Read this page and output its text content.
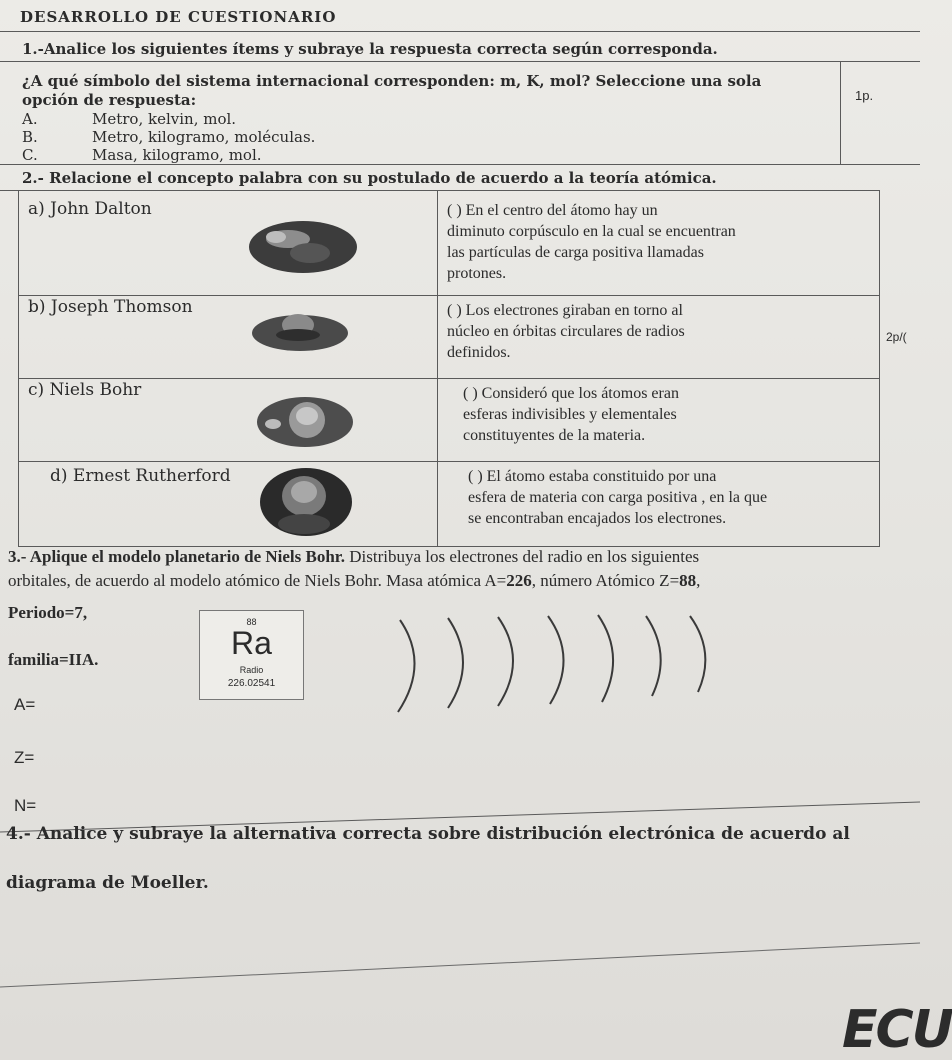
DESARROLLO DE CUESTIONARIO
1.-Analice los siguientes ítems y subraye la respuesta correcta según corresponda.
¿A qué símbolo del sistema internacional corresponden: m, K, mol? Seleccione una sola
opción de respuesta:	1p.
A.	Metro, kelvin, mol.
B.	Metro, kilogramo, moléculas.
C.	Masa, kilogramo, mol.
2.- Relacione el concepto palabra con su postulado de acuerdo a la teoría atómica.
2p/(
a) John Dalton	( ) En el centro del átomo hay un
diminuto corpúsculo en la cual se encuentran
las partículas de carga positiva llamadas
protones.
b) Joseph Thomson	( ) Los electrones giraban en torno al
núcleo en órbitas circulares de radios
definidos.
c) Niels Bohr	( ) Consideró que los átomos eran
esferas indivisibles y elementales
constituyentes de la materia.
d) Ernest Rutherford	( ) El átomo estaba constituido por una
esfera de materia con carga positiva , en la que
se encontraban encajados los electrones.
3.- Aplique el modelo planetario de Niels Bohr. Distribuya los electrones del radio en los siguientes
orbitales, de acuerdo al modelo atómico de Niels Bohr. Masa atómica A=226, número Atómico Z=88,
Periodo=7,
familia=IIA.
88
Ra
Radio
226.02541
A=
Z=
N=
4.- Analice y subraye la alternativa correcta sobre distribución electrónica de acuerdo al
diagrama de Moeller.
ECU
